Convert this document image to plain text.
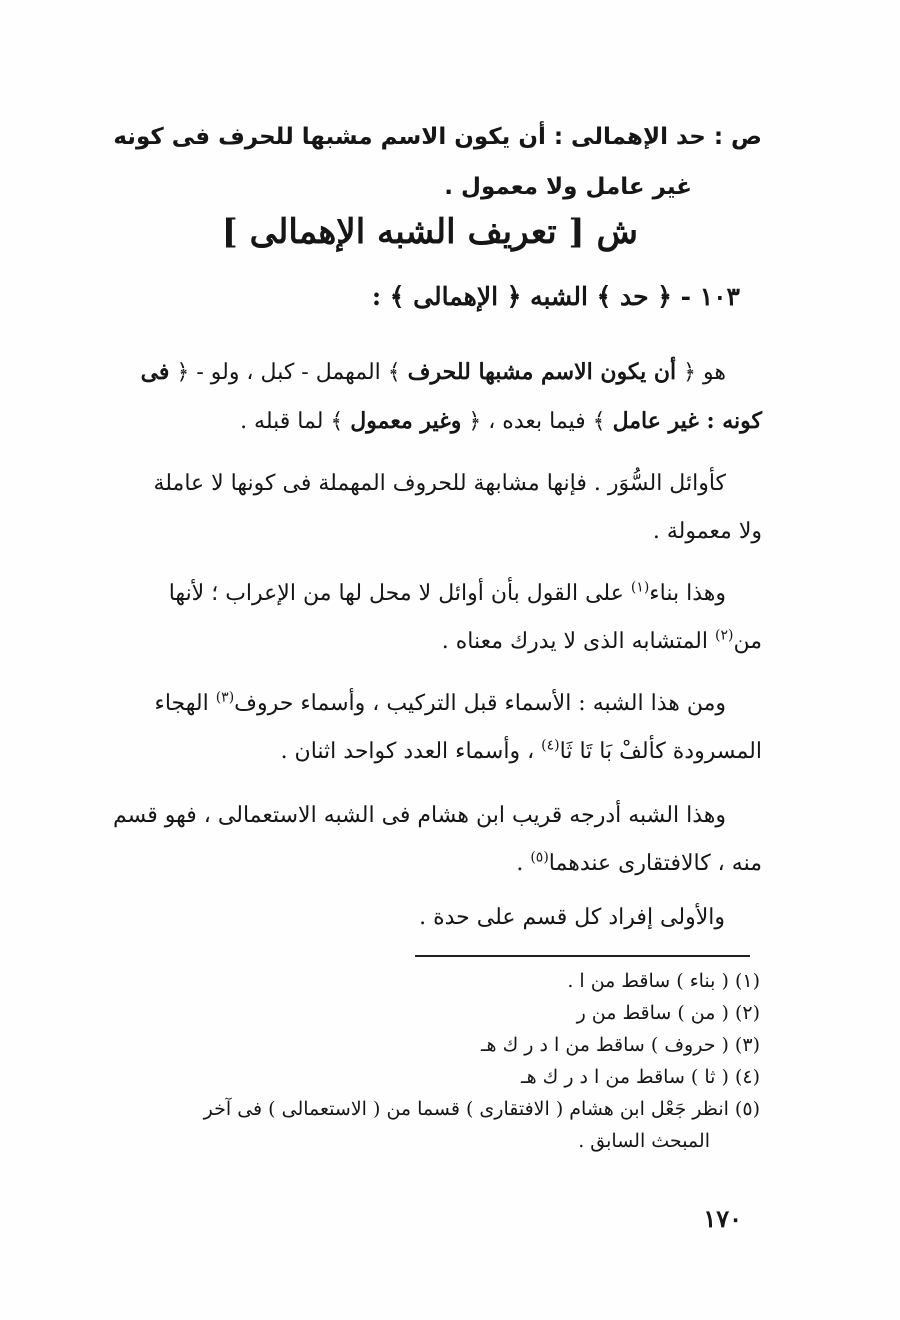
ص : حد الإهمالى : أن يكون الاسم مشبها للحرف فى كونه
غير عامل ولا معمول .
ش [ تعريف الشبه الإهمالى ]
١٠٣ - ﴿ حد ﴾ الشبه ﴿ الإهمالى ﴾ :
هو ﴿ أن يكون الاسم مشبها للحرف ﴾ المهمل - كبل ، ولو - ﴿ فى
كونه : غير عامل ﴾ فيما بعده ، ﴿ وغير معمول ﴾ لما قبله .
كأوائل السُّوَر . فإنها مشابهة للحروف المهملة فى كونها لا عاملة
ولا معمولة .
وهذا بناء$^{(١)}$ على القول بأن أوائل لا محل لها من الإعراب ؛ لأنها
من$^{(٢)}$ المتشابه الذى لا يدرك معناه .
ومن هذا الشبه : الأسماء قبل التركيب ، وأسماء حروف$^{(٣)}$ الهجاء
المسرودة كألفْ بَا تَا ثَا$^{(٤)}$ ، وأسماء العدد كواحد اثنان .
وهذا الشبه أدرجه قريب ابن هشام فى الشبه الاستعمالى ، فهو قسم
منه ، كالافتقارى عندهما$^{(٥)}$ .
والأولى إفراد كل قسم على حدة .
(١) ( بناء ) ساقط من ا .
(٢) ( من ) ساقط من ر
(٣) ( حروف ) ساقط من ا د ر ك هـ
(٤) ( ثا ) ساقط من ا د ر ك هـ
(٥) انظر جَعْل ابن هشام ( الافتقارى ) قسما من ( الاستعمالى ) فى آخر
المبحث السابق .
١٧٠
